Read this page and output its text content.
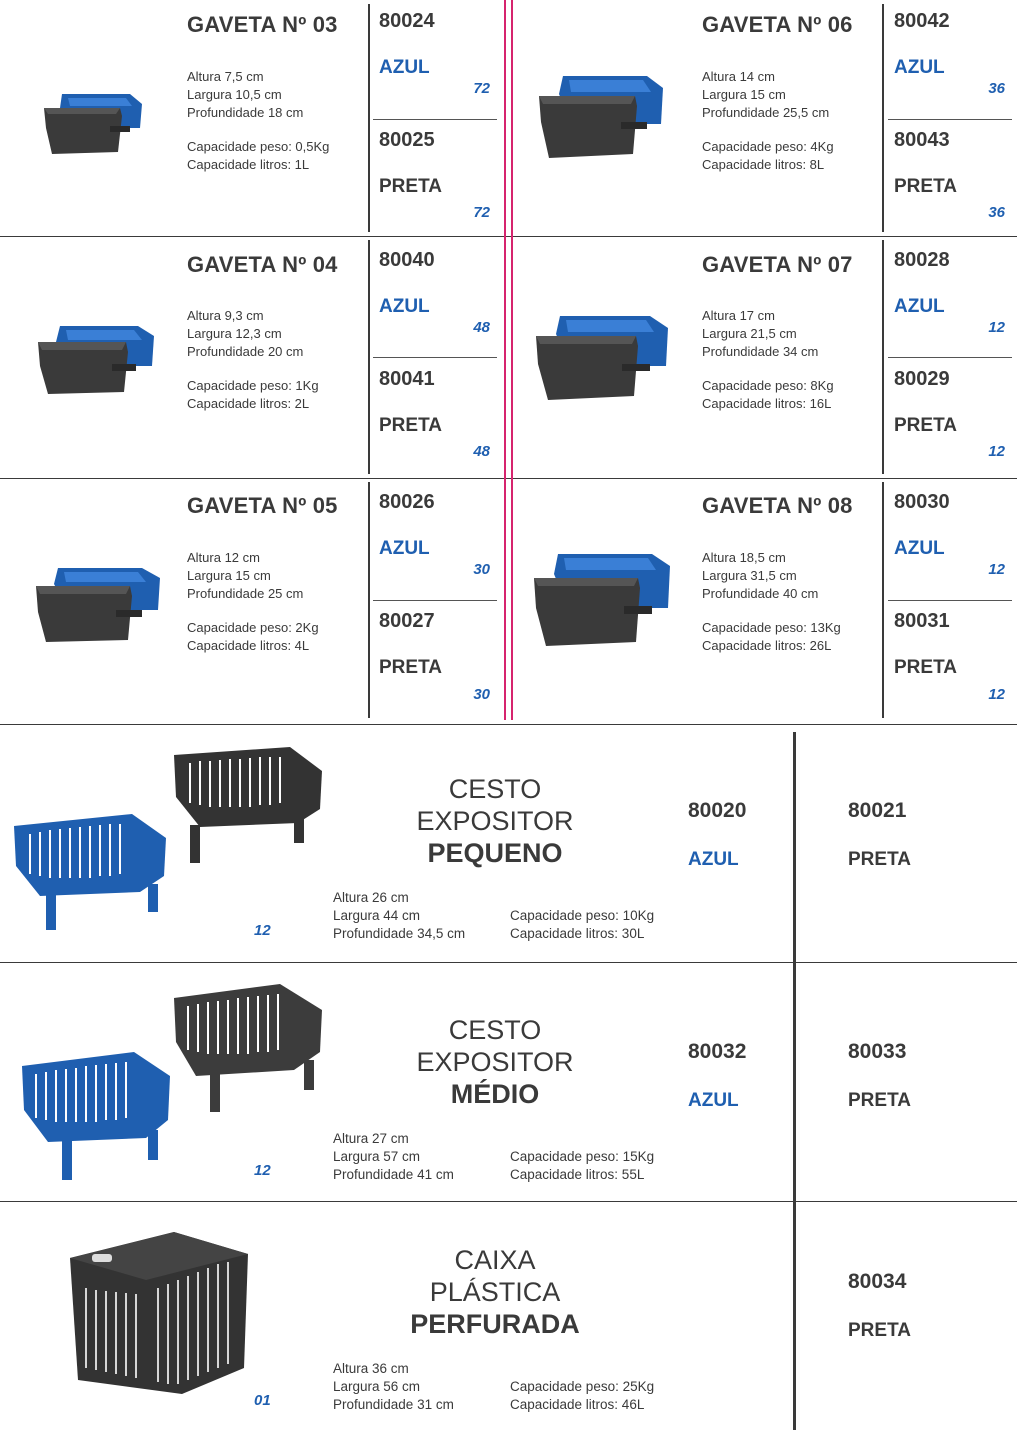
GAVETA Nº 03

Altura 7,5 cm

Largura 10,5 cm

Profundidade 18 cm

Capacidade peso: 0,5Kg

Capacidade litros: 1L

80024
AZUL
72
80025
PRETA
72
GAVETA Nº 06

Altura 14 cm

Largura 15 cm

Profundidade 25,5 cm

Capacidade peso: 4Kg

Capacidade litros: 8L

80042
AZUL
36
80043
PRETA
36
GAVETA Nº 04

Altura 9,3 cm

Largura 12,3 cm

Profundidade 20 cm

Capacidade peso: 1Kg

Capacidade litros: 2L

80040
AZUL
48
80041
PRETA
48
GAVETA Nº 07

Altura 17 cm

Largura 21,5 cm

Profundidade 34 cm

Capacidade peso: 8Kg

Capacidade litros: 16L

80028
AZUL
12
80029
PRETA
12
GAVETA Nº 05

Altura 12 cm

Largura 15 cm

Profundidade 25 cm

Capacidade peso: 2Kg

Capacidade litros: 4L

80026
AZUL
30
80027
PRETA
30
GAVETA Nº 08

Altura 18,5 cm

Largura 31,5 cm

Profundidade 40 cm

Capacidade peso: 13Kg

Capacidade litros: 26L

80030
AZUL
12
80031
PRETA
12
12
CESTO
EXPOSITOR
PEQUENO

Altura 26 cm

Largura 44 cm

Profundidade 34,5 cm

Capacidade peso: 10Kg

Capacidade litros: 30L

80020
AZUL
80021
PRETA
12
CESTO
EXPOSITOR
MÉDIO

Altura 27 cm

Largura 57 cm

Profundidade 41 cm

Capacidade peso: 15Kg

Capacidade litros: 55L

80032
AZUL
80033
PRETA
01
CAIXA
PLÁSTICA
PERFURADA

Altura 36 cm

Largura 56 cm

Profundidade 31 cm

Capacidade peso: 25Kg

Capacidade litros: 46L

80034
PRETA
